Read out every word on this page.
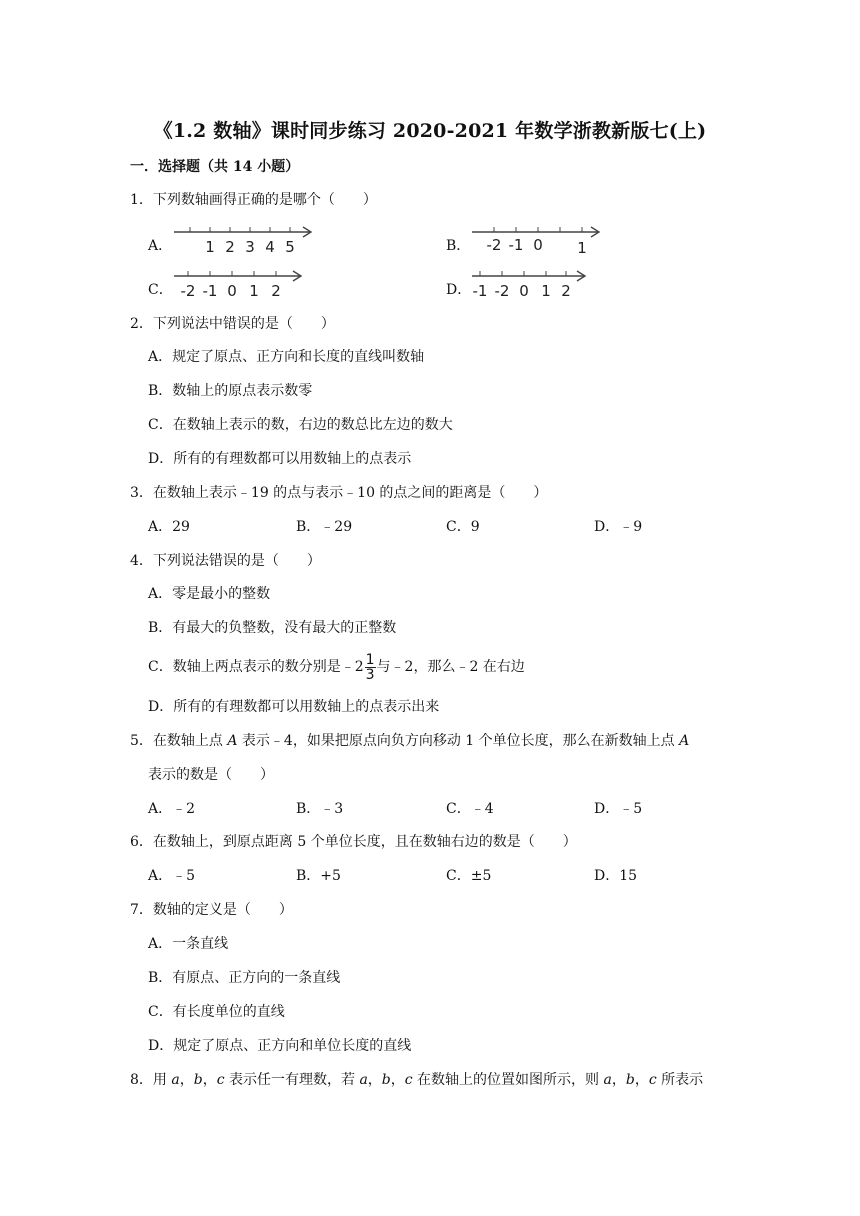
《1.2 数轴》课时同步练习 2020-2021 年数学浙教新版七(上)
一．选择题（共 14 小题）
1．下列数轴画得正确的是哪个（　　）
A． 1 2 3 4 5	B． -2 -1 0 1
C． -2 -1 0 1 2	D． -1 -2 0 1 2
2．下列说法中错误的是（　　）
A．规定了原点、正方向和长度的直线叫数轴
B．数轴上的原点表示数零
C．在数轴上表示的数，右边的数总比左边的数大
D．所有的有理数都可以用数轴上的点表示
3．在数轴上表示﹣19 的点与表示﹣10 的点之间的距离是（　　）
A．29	B．﹣29	C．9	D．﹣9
4．下列说法错误的是（　　）
A．零是最小的整数
B．有最大的负整数，没有最大的正整数
C．数轴上两点表示的数分别是﹣2 $\frac{1}{3}$ 与﹣2，那么﹣2 在右边
D．所有的有理数都可以用数轴上的点表示出来
5．在数轴上点 A 表示﹣4，如果把原点向负方向移动 1 个单位长度，那么在新数轴上点 A
表示的数是（　　）
A．﹣2	B．﹣3	C．﹣4	D．﹣5
6．在数轴上，到原点距离 5 个单位长度，且在数轴右边的数是（　　）
A．﹣5	B．+5	C．±5	D．15
7．数轴的定义是（　　）
A．一条直线
B．有原点、正方向的一条直线
C．有长度单位的直线
D．规定了原点、正方向和单位长度的直线
8．用 a，b，c 表示任一有理数，若 a，b，c 在数轴上的位置如图所示，则 a，b，c 所表示
